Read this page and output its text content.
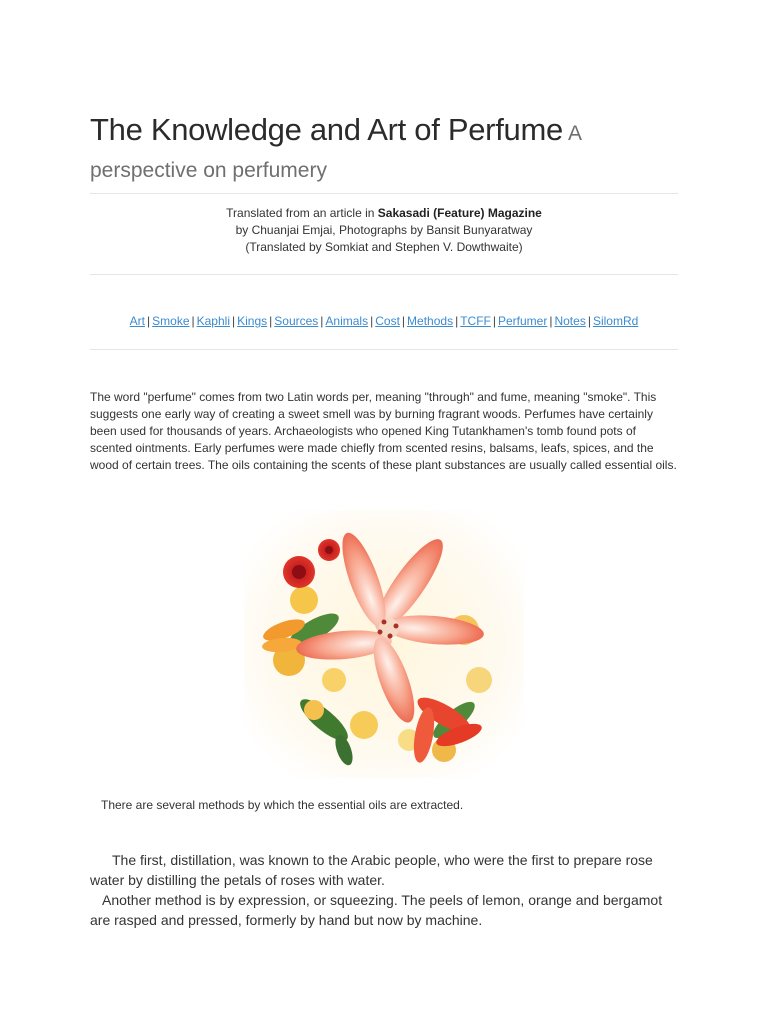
The Knowledge and Art of Perfume A perspective on perfumery
Translated from an article in Sakasadi (Feature) Magazine
by Chuanjai Emjai, Photographs by Bansit Bunyaratway
(Translated by Somkiat and Stephen V. Dowthwaite)
Art | Smoke | Kaphli | Kings | Sources | Animals | Cost | Methods | TCFF | Perfumer | Notes | SilomRd
The word "perfume" comes from two Latin words per, meaning "through" and fume, meaning "smoke". This suggests one early way of creating a sweet smell was by burning fragrant woods. Perfumes have certainly been used for thousands of years. Archaeologists who opened King Tutankhamen's tomb found pots of scented ointments. Early perfumes were made chiefly from scented resins, balsams, leafs, spices, and the wood of certain trees. The oils containing the scents of these plant substances are usually called essential oils.
There are several methods by which the essential oils are extracted.

The first, distillation, was known to the Arabic people, who were the first to prepare rose water by distilling the petals of roses with water.

Another method is by expression, or squeezing. The peels of lemon, orange and bergamot are rasped and pressed, formerly by hand but now by machine.
